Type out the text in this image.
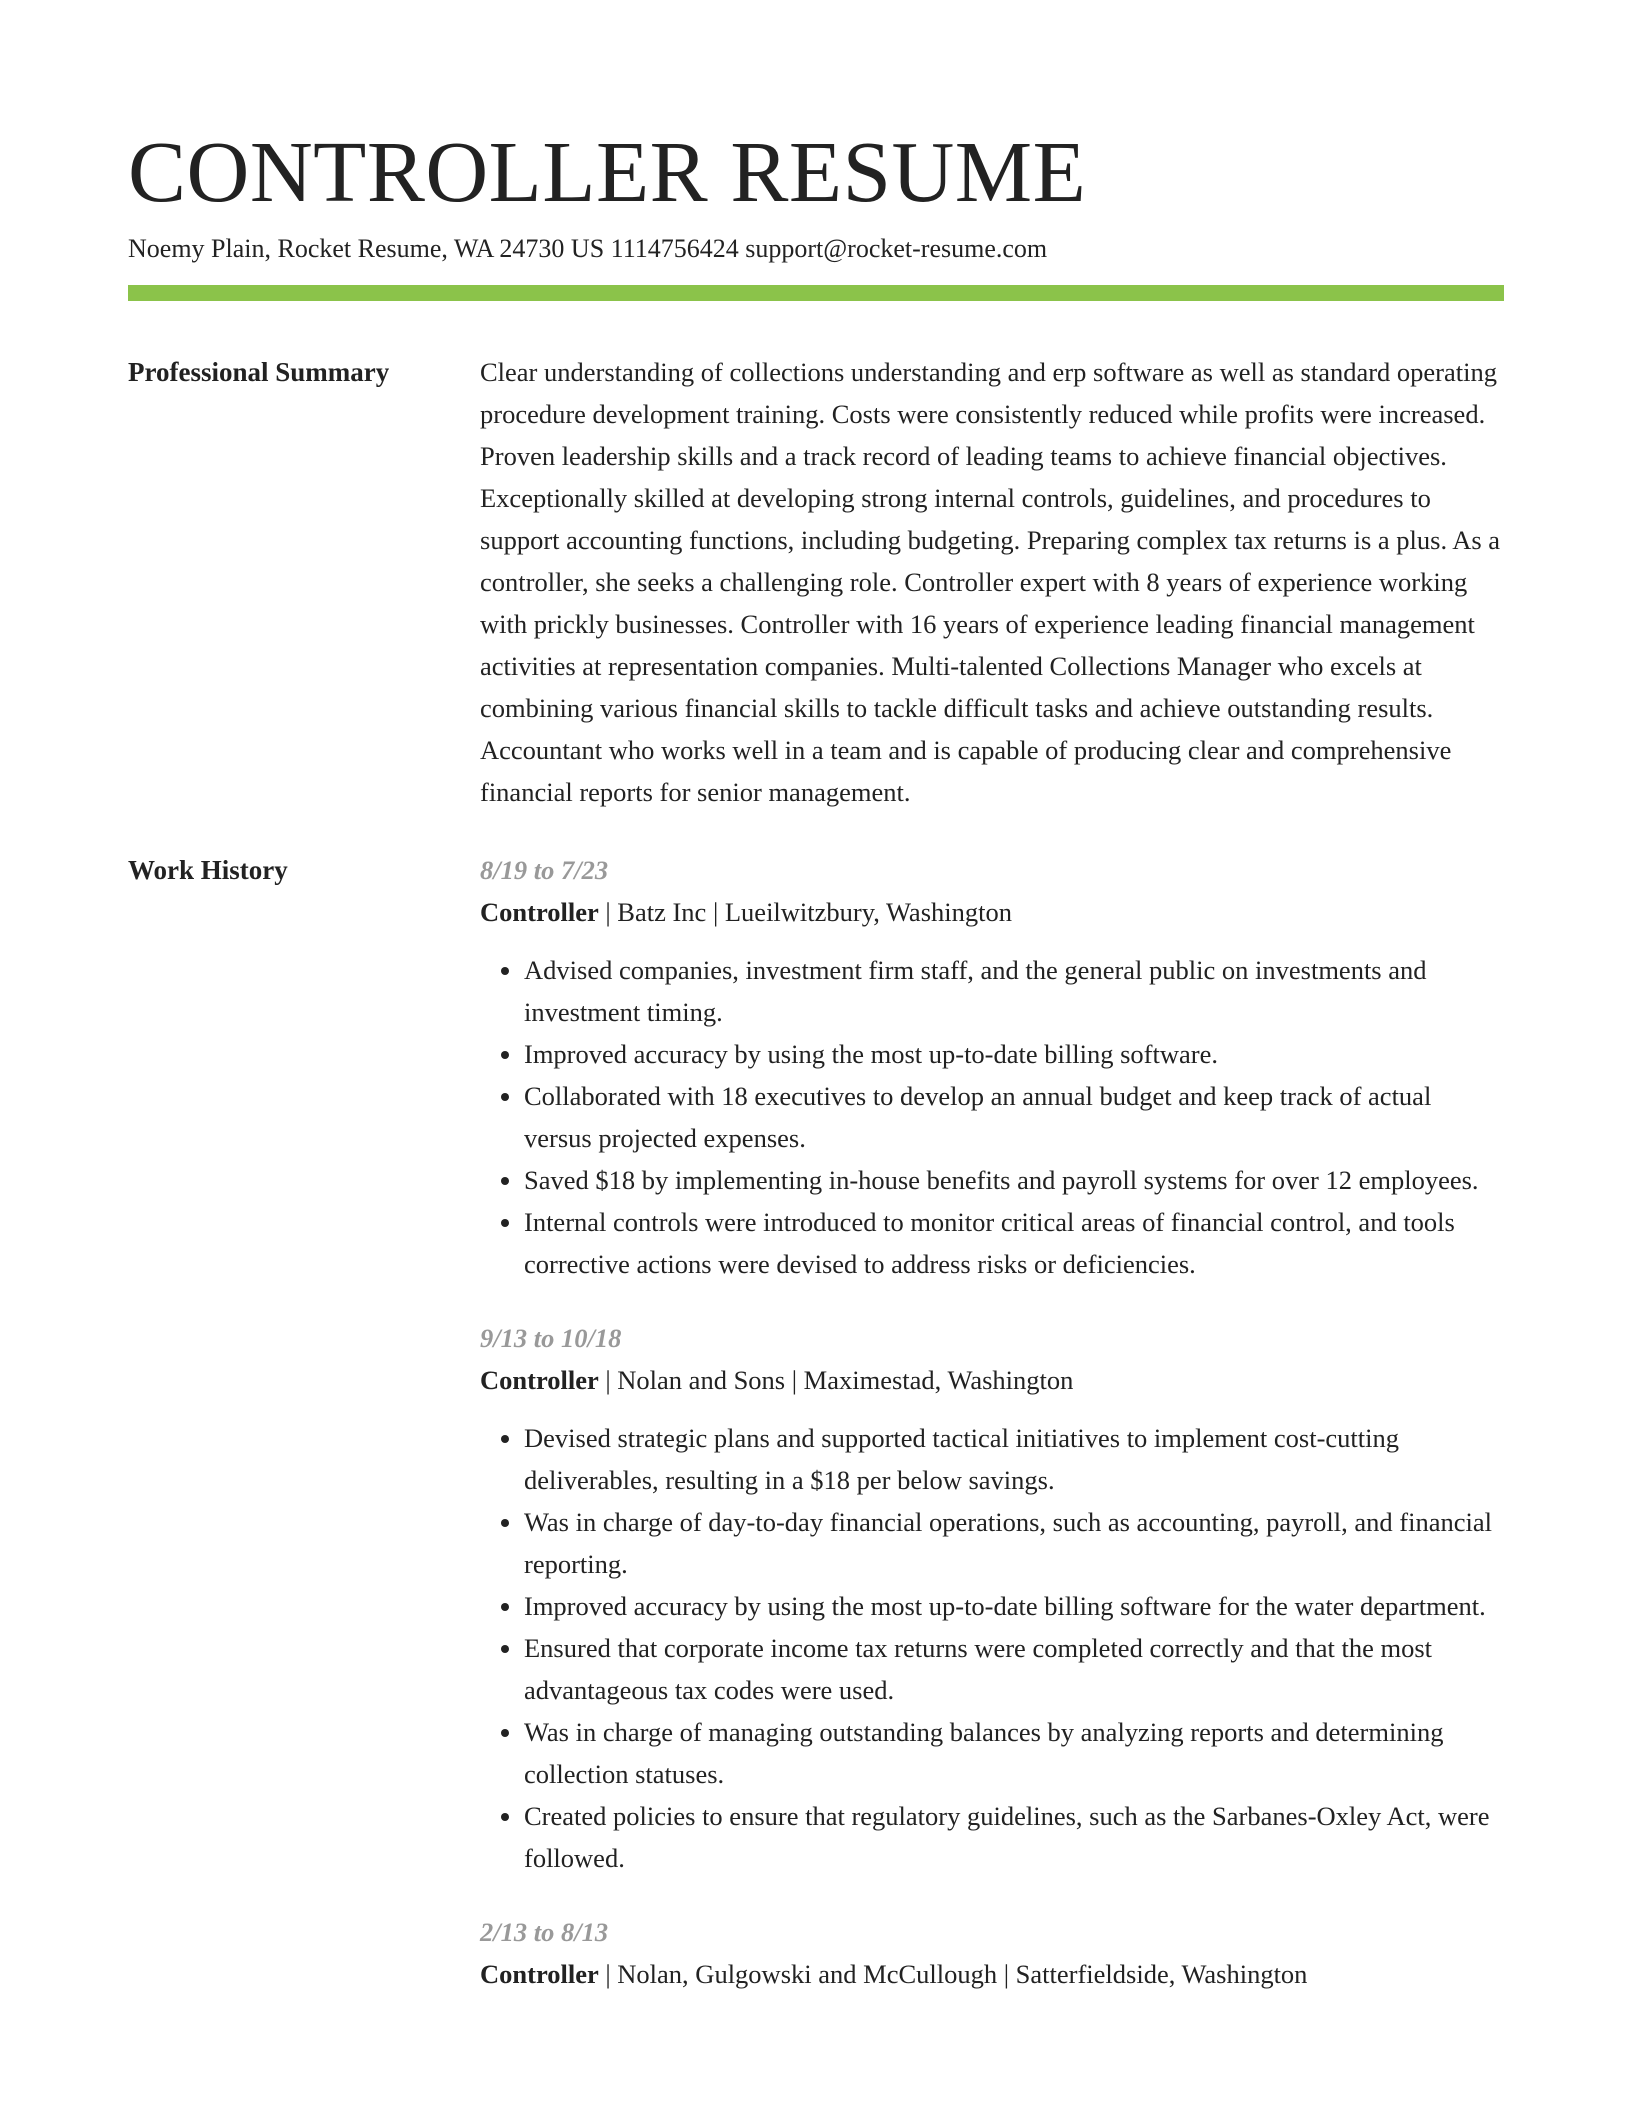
CONTROLLER RESUME
Noemy Plain, Rocket Resume, WA 24730 US 1114756424 support@rocket-resume.com
Professional Summary	Clear understanding of collections understanding and erp software as well as standard operating procedure development training. Costs were consistently reduced while profits were increased. Proven leadership skills and a track record of leading teams to achieve financial objectives. Exceptionally skilled at developing strong internal controls, guidelines, and procedures to support accounting functions, including budgeting. Preparing complex tax returns is a plus. As a controller, she seeks a challenging role. Controller expert with 8 years of experience working with prickly businesses. Controller with 16 years of experience leading financial management activities at representation companies. Multi-talented Collections Manager who excels at combining various financial skills to tackle difficult tasks and achieve outstanding results. Accountant who works well in a team and is capable of producing clear and comprehensive financial reports for senior management.

Work History	8/19 to 7/23
Controller | Batz Inc | Lueilwitzbury, Washington
• Advised companies, investment firm staff, and the general public on investments and investment timing.
• Improved accuracy by using the most up-to-date billing software.
• Collaborated with 18 executives to develop an annual budget and keep track of actual versus projected expenses.
• Saved $18 by implementing in-house benefits and payroll systems for over 12 employees.
• Internal controls were introduced to monitor critical areas of financial control, and tools corrective actions were devised to address risks or deficiencies.
9/13 to 10/18
Controller | Nolan and Sons | Maximestad, Washington
• Devised strategic plans and supported tactical initiatives to implement cost-cutting deliverables, resulting in a $18 per below savings.
• Was in charge of day-to-day financial operations, such as accounting, payroll, and financial reporting.
• Improved accuracy by using the most up-to-date billing software for the water department.
• Ensured that corporate income tax returns were completed correctly and that the most advantageous tax codes were used.
• Was in charge of managing outstanding balances by analyzing reports and determining collection statuses.
• Created policies to ensure that regulatory guidelines, such as the Sarbanes-Oxley Act, were followed.
2/13 to 8/13
Controller | Nolan, Gulgowski and McCullough | Satterfieldside, Washington
